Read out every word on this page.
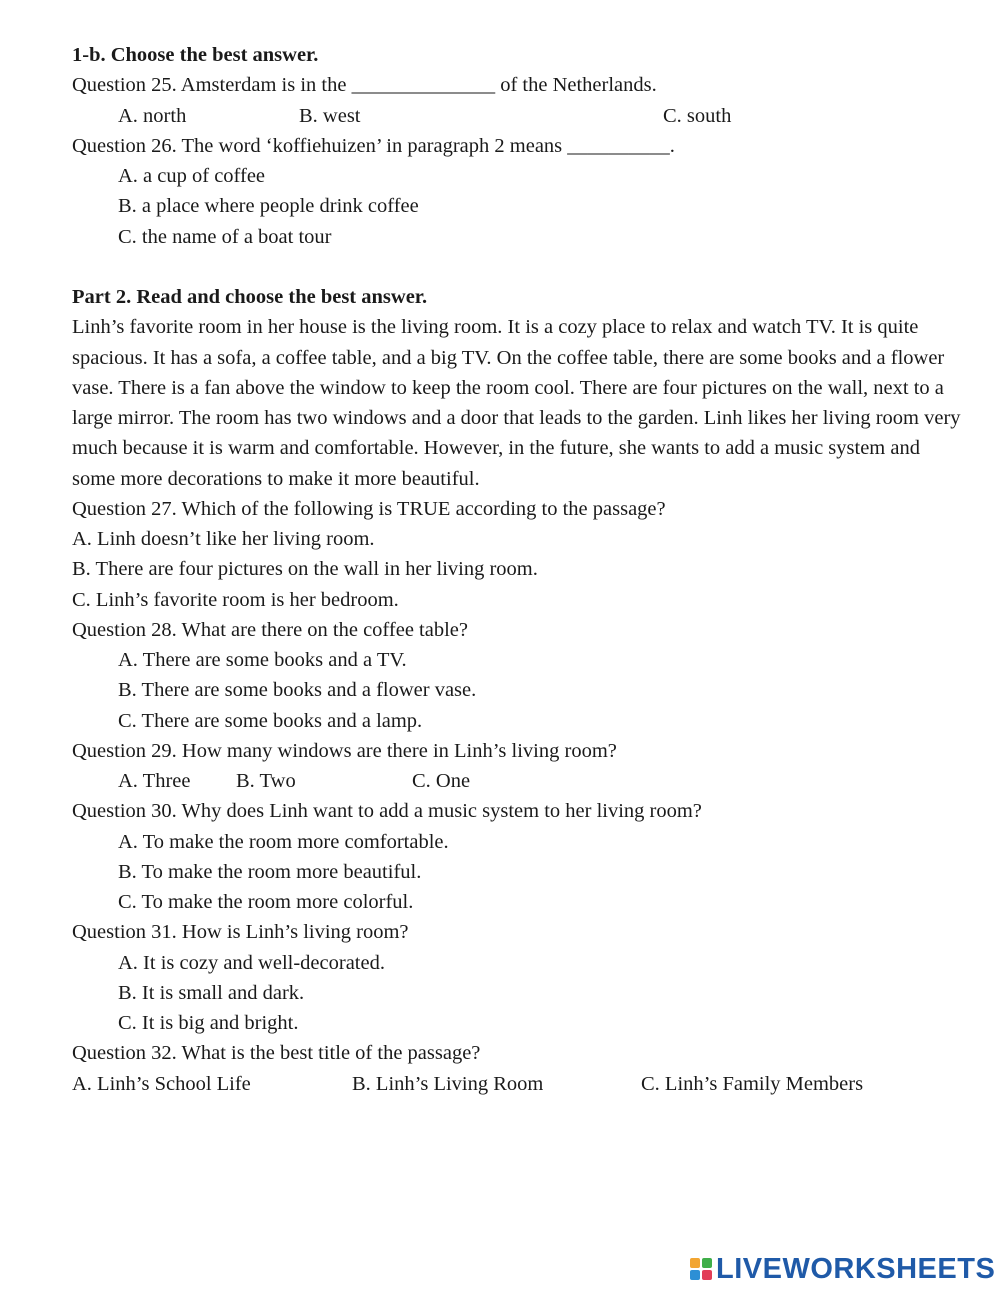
1-b. Choose the best answer.
Question 25. Amsterdam is in the ______________ of the Netherlands.
A. north	B. west	C. south
Question 26. The word ‘koffiehuizen’ in paragraph 2 means __________.
A. a cup of coffee
B. a place where people drink coffee
C. the name of a boat tour
Part 2. Read and choose the best answer.
Linh’s favorite room in her house is the living room. It is a cozy place to relax and watch TV. It is quite spacious. It has a sofa, a coffee table, and a big TV. On the coffee table, there are some books and a flower vase. There is a fan above the window to keep the room cool. There are four pictures on the wall, next to a large mirror. The room has two windows and a door that leads to the garden. Linh likes her living room very much because it is warm and comfortable. However, in the future, she wants to add a music system and some more decorations to make it more beautiful.
Question 27. Which of the following is TRUE according to the passage?
A. Linh doesn’t like her living room.
B. There are four pictures on the wall in her living room.
C. Linh’s favorite room is her bedroom.
Question 28. What are there on the coffee table?
A. There are some books and a TV.
B. There are some books and a flower vase.
C. There are some books and a lamp.
Question 29. How many windows are there in Linh’s living room?
A. Three B. Two	C. One
Question 30. Why does Linh want to add a music system to her living room?
A. To make the room more comfortable.
B. To make the room more beautiful.
C. To make the room more colorful.
Question 31. How is Linh’s living room?
A. It is cozy and well-decorated.
B. It is small and dark.
C. It is big and bright.
Question 32. What is the best title of the passage?
A. Linh’s School Life	B. Linh’s Living Room	C. Linh’s Family Members
LIVEWORKSHEETS
